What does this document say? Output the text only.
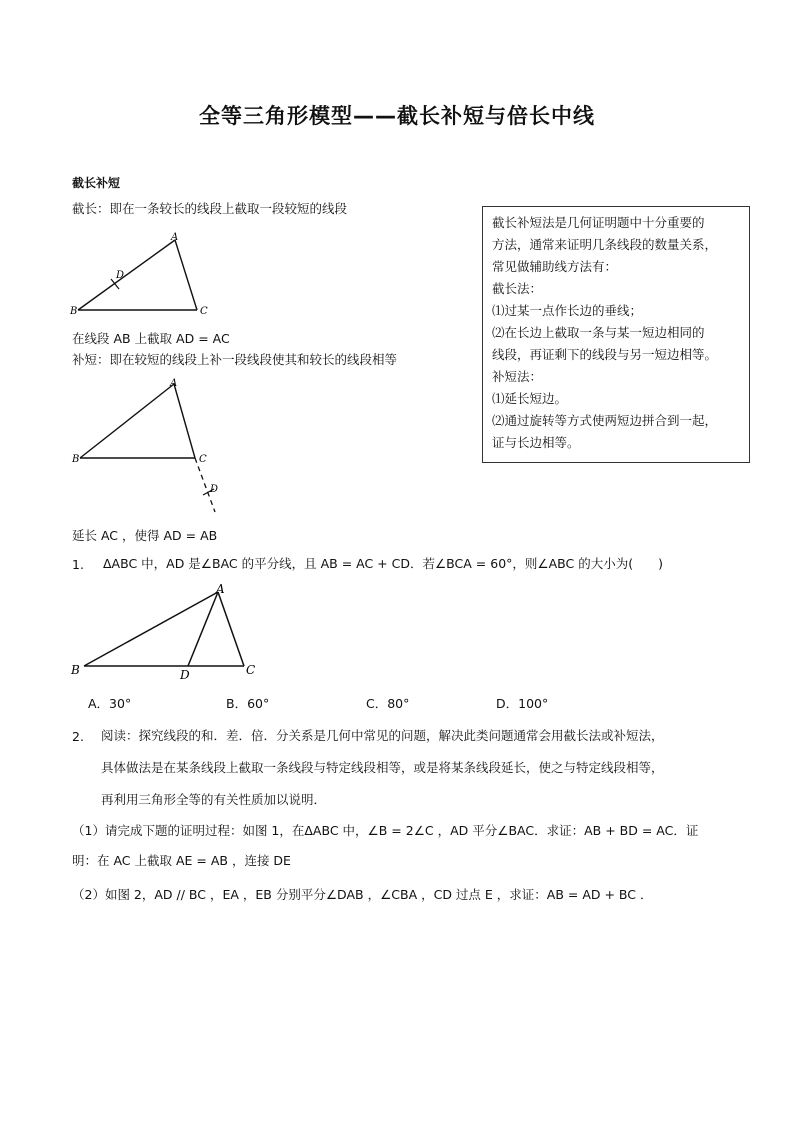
全等三角形模型——截长补短与倍长中线
截长补短
截长：即在一条较长的线段上截取一段较短的线段
A
B	C
D
在线段 AB 上截取 AD = AC
补短：即在较短的线段上补一段线段使其和较长的线段相等
A
B	C
D
延长 AC ，使得 AD = AB
截长补短法是几何证明题中十分重要的
方法，通常来证明几条线段的数量关系，
常见做辅助线方法有：
截长法：
⑴过某一点作长边的垂线；
⑵在长边上截取一条与某一短边相同的
线段，再证剩下的线段与另一短边相等。
补短法：
⑴延长短边。
⑵通过旋转等方式使两短边拼合到一起，
证与长边相等。
1. ΔABC 中，AD 是∠BAC 的平分线，且 AB = AC + CD．若∠BCA = 60°，则∠ABC 的大小为(　　)
A
B	C
D
A．30°	B．60°	C．80°	D．100°
2. 阅读：探究线段的和．差．倍．分关系是几何中常见的问题，解决此类问题通常会用截长法或补短法，
具体做法是在某条线段上截取一条线段与特定线段相等，或是将某条线段延长，使之与特定线段相等，
再利用三角形全等的有关性质加以说明．
（1）请完成下题的证明过程：如图 1，在ΔABC 中，∠B = 2∠C ，AD 平分∠BAC．求证：AB + BD = AC．证
明：在 AC 上截取 AE = AB ，连接 DE
（2）如图 2，AD // BC ，EA ，EB 分别平分∠DAB ，∠CBA ，CD 过点 E ，求证：AB = AD + BC ．
